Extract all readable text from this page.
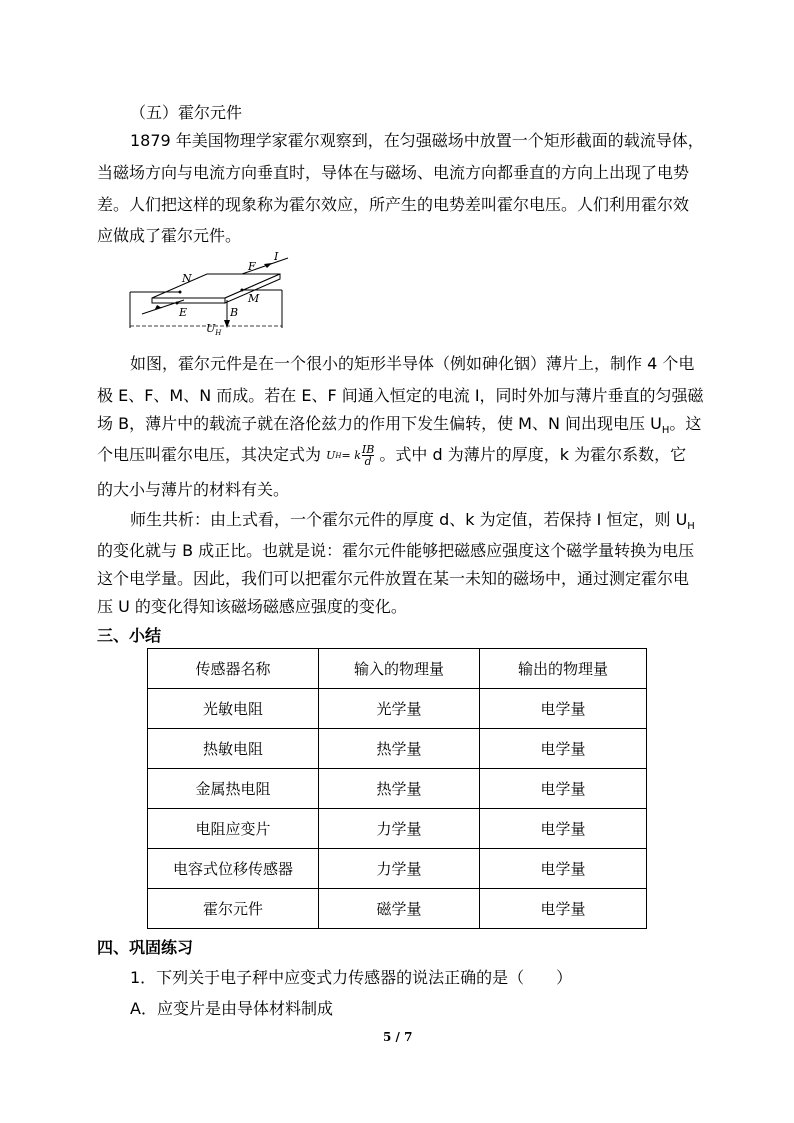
（五）霍尔元件
1879 年美国物理学家霍尔观察到，在匀强磁场中放置一个矩形截面的载流导体，
当磁场方向与电流方向垂直时，导体在与磁场、电流方向都垂直的方向上出现了电势
差。人们把这样的现象称为霍尔效应，所产生的电势差叫霍尔电压。人们利用霍尔效
应做成了霍尔元件。
N
F
I
M
E	B
$U_H$
如图，霍尔元件是在一个很小的矩形半导体（例如砷化铟）薄片上，制作 4 个电
极 E、F、M、N 而成。若在 E、F 间通入恒定的电流 I，同时外加与薄片垂直的匀强磁
场 B，薄片中的载流子就在洛伦兹力的作用下发生偏转，使 M、N 间出现电压 $U_H$。这
个电压叫霍尔电压，其决定式为 U H = k IB
d 。式中 d 为薄片的厚度，k 为霍尔系数，它
的大小与薄片的材料有关。
师生共析：由上式看，一个霍尔元件的厚度 d、k 为定值，若保持 I 恒定，则 $U_H$
的变化就与 B 成正比。也就是说：霍尔元件能够把磁感应强度这个磁学量转换为电压
这个电学量。因此，我们可以把霍尔元件放置在某一未知的磁场中，通过测定霍尔电
压 U 的变化得知该磁场磁感应强度的变化。
三、小结
传感器名称	输入的物理量	输出的物理量
光敏电阻	光学量	电学量
热敏电阻	热学量	电学量
金属热电阻	热学量	电学量
电阻应变片	力学量	电学量
电容式位移传感器	力学量	电学量
霍尔元件	磁学量	电学量
四、巩固练习
1．下列关于电子秤中应变式力传感器的说法正确的是（　　）
A．应变片是由导体材料制成
5 / 7
